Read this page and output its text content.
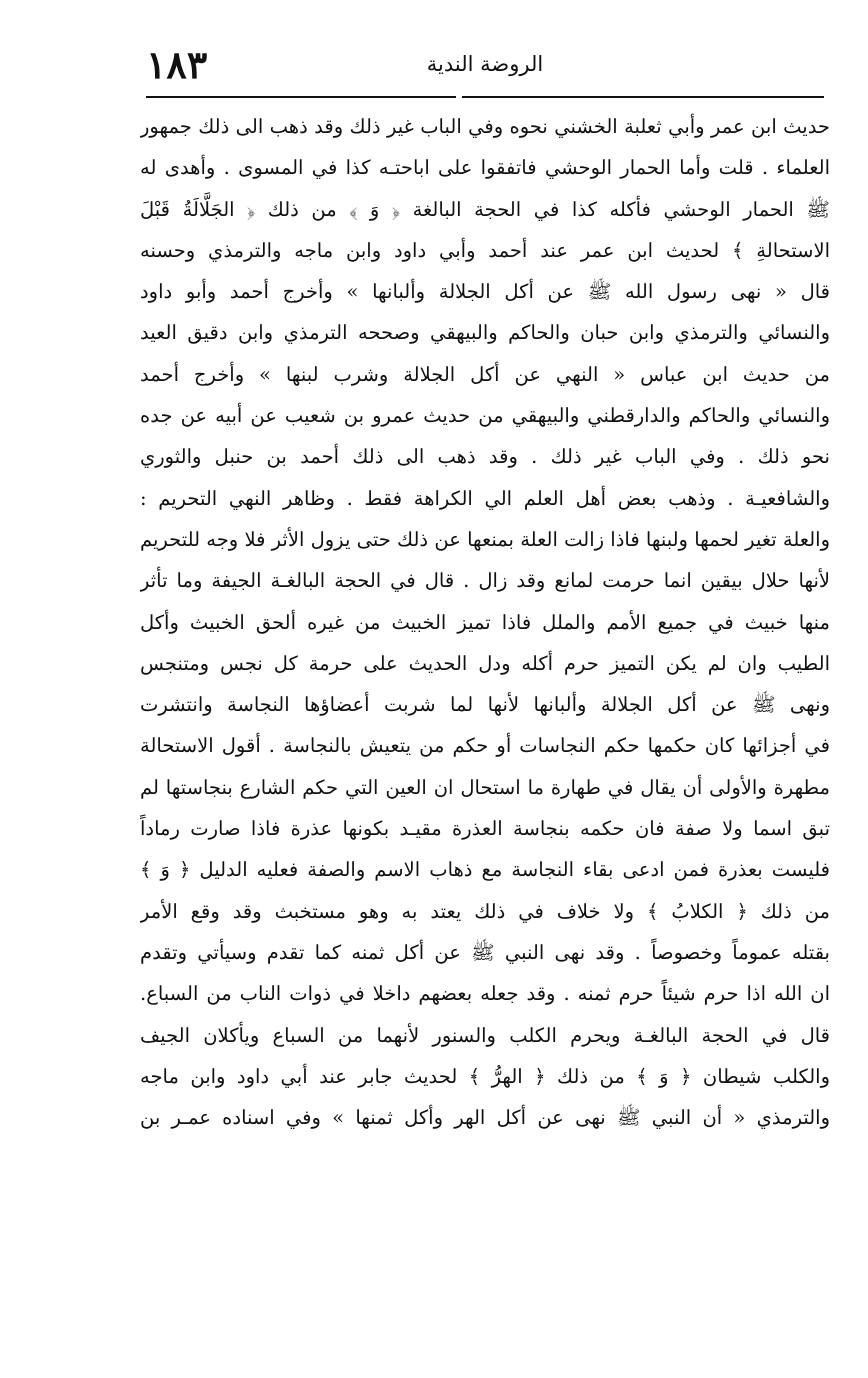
١٨٣	الروضة الندية
حديث ابن عمر وأبي ثعلبة الخشني نحوه وفي الباب غير ذلك وقد ذهب الى ذلك جمهور
العلماء . قلت وأما الحمار الوحشي فاتفقوا على اباحتـه كذا في المسوى . وأهدى له
ﷺ الحمار الوحشي فأكله كذا في الحجة البالغة ﴿ وَ ﴾ من ذلك ﴿ الجَلَّالَةُ قَبْلَ
الاستحالةِ ﴾ لحديث ابن عمر عند أحمد وأبي داود وابن ماجه والترمذي وحسنه
قال « نهى رسول الله ﷺ عن أكل الجلالة وألبانها » وأخرج أحمد وأبو داود
والنسائي والترمذي وابن حبان والحاكم والبيهقي وصححه الترمذي وابن دقيق العيد
من حديث ابن عباس « النهي عن أكل الجلالة وشرب لبنها » وأخرج أحمد
والنسائي والحاكم والدارقطني والبيهقي من حديث عمرو بن شعيب عن أبيه عن جده
نحو ذلك . وفي الباب غير ذلك . وقد ذهب الى ذلك أحمد بن حنبل والثوري
والشافعيـة . وذهب بعض أهل العلم الي الكراهة فقط . وظاهر النهي التحريم :
والعلة تغير لحمها ولبنها فاذا زالت العلة بمنعها عن ذلك حتى يزول الأثر فلا وجه للتحريم
لأنها حلال بيقين انما حرمت لمانع وقد زال . قال في الحجة البالغـة الجيفة وما تأثر
منها خبيث في جميع الأمم والملل فاذا تميز الخبيث من غيره ألحق الخبيث وأكل
الطيب وان لم يكن التميز حرم أكله ودل الحديث على حرمة كل نجس ومتنجس
ونهى ﷺ عن أكل الجلالة وألبانها لأنها لما شربت أعضاؤها النجاسة وانتشرت
في أجزائها كان حكمها حكم النجاسات أو حكم من يتعيش بالنجاسة . أقول الاستحالة
مطهرة والأولى أن يقال في طهارة ما استحال ان العين التي حكم الشارع بنجاستها لم
تبق اسما ولا صفة فان حكمه بنجاسة العذرة مقيـد بكونها عذرة فاذا صارت رماداً
فليست بعذرة فمن ادعى بقاء النجاسة مع ذهاب الاسم والصفة فعليه الدليل ﴿ وَ ﴾
من ذلك ﴿ الكلابُ ﴾ ولا خلاف في ذلك يعتد به وهو مستخبث وقد وقع الأمر
بقتله عموماً وخصوصاً . وقد نهى النبي ﷺ عن أكل ثمنه كما تقدم وسيأتي وتقدم
ان الله اذا حرم شيئاً حرم ثمنه . وقد جعله بعضهم داخلا في ذوات الناب من السباع.
قال في الحجة البالغـة ويحرم الكلب والسنور لأنهما من السباع ويأكلان الجيف
والكلب شيطان ﴿ وَ ﴾ من ذلك ﴿ الهرُّ ﴾ لحديث جابر عند أبي داود وابن ماجه
والترمذي « أن النبي ﷺ نهى عن أكل الهر وأكل ثمنها » وفي اسناده عمـر بن
